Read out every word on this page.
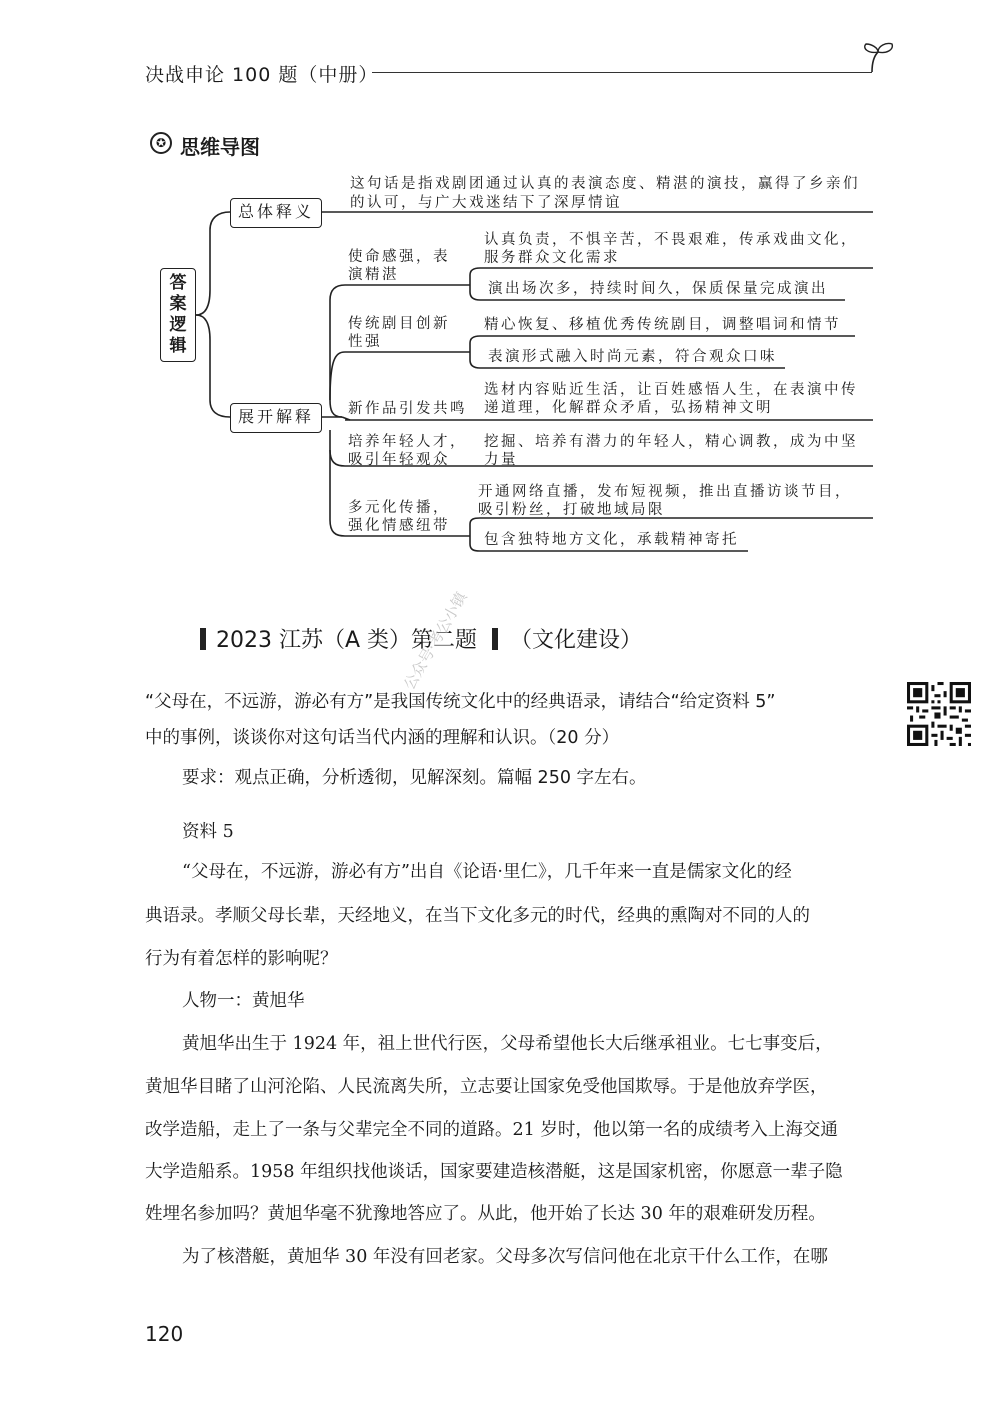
决战申论 100 题（中册）
✪ 思维导图
答案逻辑
总体释义
这句话是指戏剧团通过认真的表演态度、精湛的演技，赢得了乡亲们
的认可，与广大戏迷结下了深厚情谊
展开解释
使命感强，表
演精湛
认真负责，不惧辛苦，不畏艰难，传承戏曲文化，
服务群众文化需求
演出场次多，持续时间久，保质保量完成演出
传统剧目创新
性强
精心恢复、移植优秀传统剧目，调整唱词和情节
表演形式融入时尚元素，符合观众口味
新作品引发共鸣
选材内容贴近生活，让百姓感悟人生，在表演中传
递道理，化解群众矛盾，弘扬精神文明
培养年轻人才，
吸引年轻观众
挖掘、培养有潜力的年轻人，精心调教，成为中坚
力量
多元化传播，
强化情感纽带
开通网络直播，发布短视频，推出直播访谈节目，
吸引粉丝，打破地域局限
包含独特地方文化，承载精神寄托
2023 江苏（A 类）第二题 （文化建设）
公众号·考公小镇
“父母在，不远游，游必有方”是我国传统文化中的经典语录，请结合“给定资料 5”
中的事例，谈谈你对这句话当代内涵的理解和认识。（20 分）
要求：观点正确，分析透彻，见解深刻。篇幅 250 字左右。
资料 5
“父母在，不远游，游必有方”出自《论语·里仁》，几千年来一直是儒家文化的经
典语录。孝顺父母长辈，天经地义，在当下文化多元的时代，经典的熏陶对不同的人的
行为有着怎样的影响呢？
人物一：黄旭华
黄旭华出生于 1924 年，祖上世代行医，父母希望他长大后继承祖业。七七事变后，
黄旭华目睹了山河沦陷、人民流离失所，立志要让国家免受他国欺辱。于是他放弃学医，
改学造船，走上了一条与父辈完全不同的道路。21 岁时，他以第一名的成绩考入上海交通
大学造船系。1958 年组织找他谈话，国家要建造核潜艇，这是国家机密，你愿意一辈子隐
姓埋名参加吗？黄旭华毫不犹豫地答应了。从此，他开始了长达 30 年的艰难研发历程。
为了核潜艇，黄旭华 30 年没有回老家。父母多次写信问他在北京干什么工作，在哪
120
